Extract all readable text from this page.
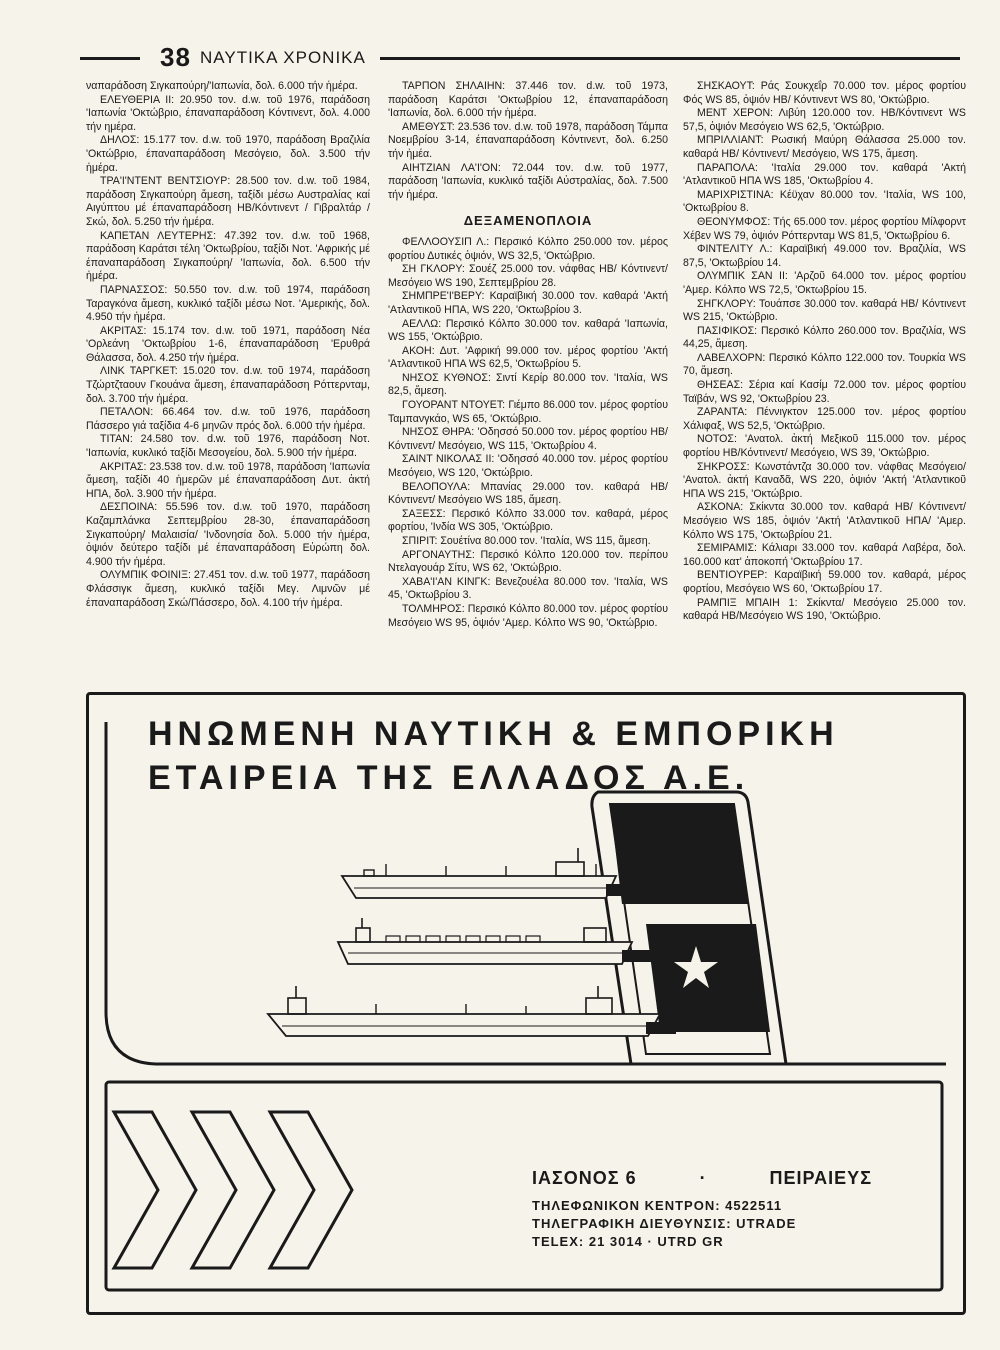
38 ΝΑΥΤΙΚΑ ΧΡΟΝΙΚΑ

ναπαράδοση Σιγκαπούρη/'Ιαπωνία, δολ. 6.000 τήν ἡμέρα.

ΕΛΕΥΘΕΡΙΑ ΙΙ: 20.950 τον. d.w. τοῦ 1976, παράδοση 'Ιαπωνία 'Οκτώβριο, έπαναπαράδοση Κόντινεντ, δολ. 4.000 τήν ημέρα.

ΔΗΛΟΣ: 15.177 τον. d.w. τοῦ 1970, παράδοση Βραζιλία 'Οκτώβριο, έπαναπαράδοση Μεσόγειο, δολ. 3.500 τήν ἡμέρα.

ΤΡΑ'Ι'ΝΤΕΝΤ ΒΕΝΤΣΙΟΥΡ: 28.500 τον. d.w. τοῦ 1984, παράδοση Σιγκαπούρη ἄμεση, ταξίδι μέσω Αυστραλίας καί Αιγύπτου μέ έπαναπαράδοση ΗΒ/Κόντινεντ / Γιβραλτάρ / Σκώ, δολ. 5.250 τήν ἡμέρα.

ΚΑΠΕΤΑΝ ΛΕΥΤΕΡΗΣ: 47.392 τον. d.w. τοῦ 1968, παράδοση Καράτσι τέλη 'Οκτωβρίου, ταξίδι Νοτ. 'Αφρικής μέ έπαναπαράδοση Σιγκαπούρη/ 'Ιαπωνία, δολ. 6.500 τήν ἡμέρα.

ΠΑΡΝΑΣΣΟΣ: 50.550 τον. d.w. τοῦ 1974, παράδοση Ταραγκόνα ἄμεση, κυκλικό ταξίδι μέσω Νοτ. 'Αμερικής, δολ. 4.950 τήν ἡμέρα.

ΑΚΡΙΤΑΣ: 15.174 τον. d.w. τοῦ 1971, παράδοση Νέα 'Ορλεάνη 'Οκτωβρίου 1-6, έπαναπαράδοση 'Ερυθρά Θάλασσα, δολ. 4.250 τήν ἡμέρα.

ΛΙΝΚ ΤΑΡΓΚΕΤ: 15.020 τον. d.w. τοῦ 1974, παράδοση Τζώρτζταουν Γκουάνα ἄμεση, έπαναπαράδοση Ρόττερνταμ, δολ. 3.700 τήν ἡμέρα.

ΠΕΤΑΛΟΝ: 66.464 τον. d.w. τοῦ 1976, παράδοση Πάσσερο γιά ταξίδια 4-6 μηνῶν πρός δολ. 6.000 τήν ἡμέρα.

ΤΙΤΑΝ: 24.580 τον. d.w. τοῦ 1976, παράδοση Νοτ. 'Ιαπωνία, κυκλικό ταξίδι Μεσογείου, δολ. 5.900 τήν ἡμέρα.

ΑΚΡΙΤΑΣ: 23.538 τον. d.w. τοῦ 1978, παράδοση 'Ιαπωνία ἄμεση, ταξίδι 40 ἡμερῶν μέ έπαναπαράδοση Δυτ. ἀκτή ΗΠΑ, δολ. 3.900 τήν ἡμέρα.

ΔΕΣΠΟΙΝΑ: 55.596 τον. d.w. τοῦ 1970, παράδοση Καζαμπλάνκα Σεπτεμβρίου 28-30, έπαναπαράδοση Σιγκαπούρη/ Μαλαισία/ 'Ινδονησία δολ. 5.000 τήν ἡμέρα, ὀψιόν δεύτερο ταξίδι μέ έπαναπαράδοση Εὐρώπη δολ. 4.900 τήν ἡμέρα.

ΟΛΥΜΠΙΚ ΦΟΙΝΙΞ: 27.451 τον. d.w. τοῦ 1977, παράδοση Φλάσσιγκ ἄμεση, κυκλικό ταξίδι Μεγ. Λιμνῶν μέ έπαναπαράδοση Σκώ/Πάσσερο, δολ. 4.100 τήν ἡμέρα.

ΤΑΡΠΟΝ ΣΗΛΑΙΗΝ: 37.446 τον. d.w. τοῦ 1973, παράδοση Καράτσι 'Οκτωβρίου 12, έπαναπαράδοση 'Ιαπωνία, δολ. 6.000 τήν ἡμέρα.

ΑΜΕΘΥΣΤ: 23.536 τον. d.w. τοῦ 1978, παράδοση Τάμπα Νοεμβρίου 3-14, έπαναπαράδοση Κόντινεντ, δολ. 6.250 τήν ἡμέα.

ΑΙΗΤΖΙΑΝ ΛΑ'Ι'ΟΝ: 72.044 τον. d.w. τοῦ 1977, παράδοση 'Ιαπωνία, κυκλικό ταξίδι Αὐστραλίας, δολ. 7.500 τήν ἡμέρα.

ΔΕΞΑΜΕΝΟΠΛΟΙΑ

ΦΕΛΛΟΟΥΣΙΠ Λ.: Περσικό Κόλπο 250.000 τον. μέρος φορτίου Δυτικές ὀψιόν, WS 32,5, 'Οκτώβριο.

ΣΗ ΓΚΛΟΡΥ: Σουέζ 25.000 τον. νάφθας ΗΒ/ Κόντινεντ/ Μεσόγειο WS 190, Σεπτεμβρίου 28.

ΣΗΜΠΡΕ'Ι'ΒΕΡΥ: Καραϊβική 30.000 τον. καθαρά 'Ακτή 'Ατλαντικοῦ ΗΠΑ, WS 220, 'Οκτωβρίου 3.

ΑΕΛΛΩ: Περσικό Κόλπο 30.000 τον. καθαρά 'Ιαπωνία, WS 155, 'Οκτώβριο.

ΑΚΟΗ: Δυτ. 'Αφρική 99.000 τον. μέρος φορτίου 'Ακτή 'Ατλαντικοῦ ΗΠΑ WS 62,5, 'Οκτωβρίου 5.

ΝΗΣΟΣ ΚΥΘΝΟΣ: Σιντί Κερίρ 80.000 τον. 'Ιταλία, WS 82,5, ἄμεση.

ΓΟΥΟΡΑΝΤ ΝΤΟΥΕΤ: Γιέμπο 86.000 τον. μέρος φορτίου Ταμπανγκάο, WS 65, 'Οκτώβριο.

ΝΗΣΟΣ ΘΗΡΑ: 'Οδησσό 50.000 τον. μέρος φορτίου ΗΒ/Κόντινεντ/ Μεσόγειο, WS 115, 'Οκτωβρίου 4.

ΣΑΙΝΤ ΝΙΚΟΛΑΣ ΙΙ: 'Οδησσό 40.000 τον. μέρος φορτίου Μεσόγειο, WS 120, 'Οκτώβριο.

ΒΕΛΟΠΟΥΛΑ: Μπανίας 29.000 τον. καθαρά ΗΒ/ Κόντινεντ/ Μεσόγειο WS 185, ἄμεση.

ΣΑΞΕΣΣ: Περσικό Κόλπο 33.000 τον. καθαρά, μέρος φορτίου, 'Ινδία WS 305, 'Οκτώβριο.

ΣΠΙΡΙΤ: Σουέτίνα 80.000 τον. 'Ιταλία, WS 115, ἄμεση.

ΑΡΓΟΝΑΥΤΗΣ: Περσικό Κόλπο 120.000 τον. περίπου Ντελαγουάρ Σίτυ, WS 62, 'Οκτώβριο.

ΧΑΒΑ'Ι'ΑΝ ΚΙΝΓΚ: Βενεζουέλα 80.000 τον. 'Ιταλία, WS 45, 'Οκτωβρίου 3.

ΤΟΛΜΗΡΟΣ: Περσικό Κόλπο 80.000 τον. μέρος φορτίου Μεσόγειο WS 95, ὀψιόν 'Αμερ. Κόλπο WS 90, 'Οκτώβριο.

ΣΗΣΚΑΟΥΤ: Ράς Σουκχεΐρ 70.000 τον. μέρος φορτίου Φός WS 85, ὀψιόν ΗΒ/ Κόντινεντ WS 80, 'Οκτώβριο.

ΜΕΝΤ ΧΕΡΟΝ: Λιβύη 120.000 τον. ΗΒ/Κόντινεντ WS 57,5, ὀψιόν Μεσόγειο WS 62,5, 'Οκτώβριο.

ΜΠΡΙΛΛΙΑΝΤ: Ρωσική Μαύρη Θάλασσα 25.000 τον. καθαρά ΗΒ/ Κόντινεντ/ Μεσόγειο, WS 175, ἄμεση.

ΠΑΡΑΠΟΛΑ: 'Ιταλία 29.000 τον. καθαρά 'Ακτή 'Ατλαντικοῦ ΗΠΑ WS 185, 'Οκτωβρίου 4.

ΜΑΡΙΧΡΙΣΤΙΝΑ: Κέϋχαν 80.000 τον. 'Ιταλία, WS 100, 'Οκτωβρίου 8.

ΘΕΟΝΥΜΦΟΣ: Τής 65.000 τον. μέρος φορτίου Μίλφορντ Χέβεν WS 79, ὀψιόν Ρόττερνταμ WS 81,5, 'Οκτωβρίου 6.

ΦΙΝΤΕΛΙΤΥ Λ.: Καραϊβική 49.000 τον. Βραζιλία, WS 87,5, 'Οκτωβρίου 14.

ΟΛΥΜΠΙΚ ΣΑΝ ΙΙ: 'Αρζοῦ 64.000 τον. μέρος φορτίου 'Αμερ. Κόλπο WS 72,5, 'Οκτωβρίου 15.

ΣΗΓΚΛΟΡΥ: Τουάπσε 30.000 τον. καθαρά ΗΒ/ Κόντινεντ WS 215, 'Οκτώβριο.

ΠΑΣΙΦΙΚΟΣ: Περσικό Κόλπο 260.000 τον. Βραζιλία, WS 44,25, ἄμεση.

ΛΑΒΕΛΧΟΡΝ: Περσικό Κόλπο 122.000 τον. Τουρκία WS 70, ἄμεση.

ΘΗΣΕΑΣ: Σέρια καί Κασίμ 72.000 τον. μέρος φορτίου Ταϊβάν, WS 92, 'Οκτωβρίου 23.

ΖΑΡΑΝΤΑ: Πέννιγκτον 125.000 τον. μέρος φορτίου Χάλιφαξ, WS 52,5, 'Οκτώβριο.

ΝΟΤΟΣ: 'Ανατολ. ἀκτή Μεξικοῦ 115.000 τον. μέρος φορτίου ΗΒ/Κόντινεντ/ Μεσόγειο, WS 39, 'Οκτώβριο.

ΣΗΚΡΟΣΣ: Κωνστάντζα 30.000 τον. νάφθας Μεσόγειο/ 'Ανατολ. ἀκτή Καναδᾶ, WS 220, ὀψιόν 'Ακτή 'Ατλαντικοῦ ΗΠΑ WS 215, 'Οκτώβριο.

ΑΣΚΟΝΑ: Σκίκντα 30.000 τον. καθαρά ΗΒ/ Κόντινεντ/ Μεσόγειο WS 185, ὀψιόν 'Ακτή 'Ατλαντικοῦ ΗΠΑ/ 'Αμερ. Κόλπο WS 175, 'Οκτωβρίου 21.

ΣΕΜΙΡΑΜΙΣ: Κάλιαρι 33.000 τον. καθαρά Λαβέρα, δολ. 160.000 κατ' ἀποκοπή 'Οκτωβρίου 17.

ΒΕΝΤΙΟΥΡΕΡ: Καραϊβική 59.000 τον. καθαρά, μέρος φορτίου, Μεσόγειο WS 60, 'Οκτωβρίου 17.

ΡΑΜΠΙΞ ΜΠΑΙΗ 1: Σκίκντα/ Μεσόγειο 25.000 τον. καθαρά ΗΒ/Μεσόγειο WS 190, 'Οκτώβριο.

ΗΝΩΜΕΝΗ ΝΑΥΤΙΚΗ & ΕΜΠΟΡΙΚΗ
ΕΤΑΙΡΕΙΑ ΤΗΣ ΕΛΛΑΔΟΣ Α.Ε.
ΙΑΣΟΝΟΣ 6	·	ΠΕΙΡΑΙΕΥΣ
ΤΗΛΕΦΩΝΙΚΟΝ ΚΕΝΤΡΟΝ: 4522511
ΤΗΛΕΓΡΑΦΙΚΗ ΔΙΕΥΘΥΝΣΙΣ: UTRADE
TELEX: 21 3014 · UTRD GR
